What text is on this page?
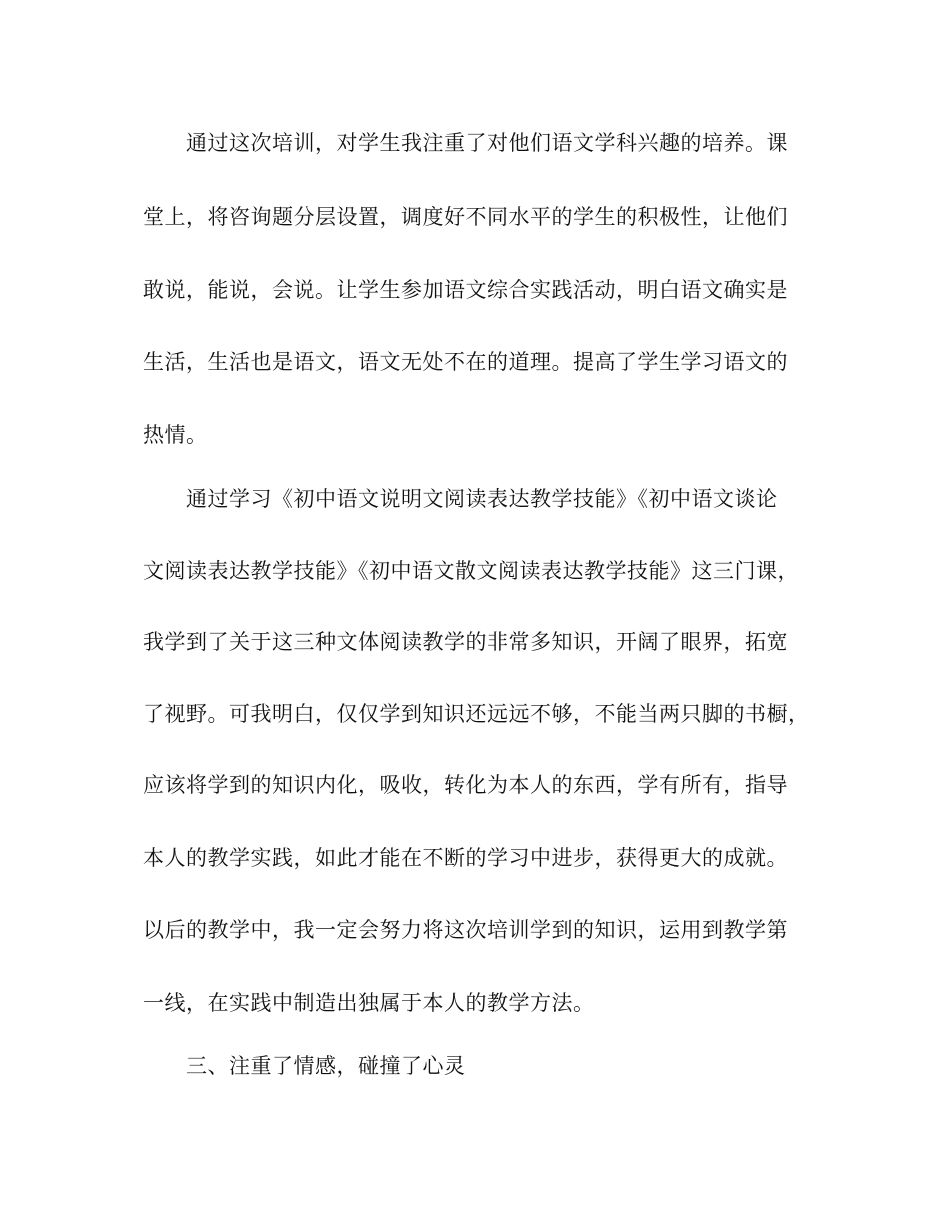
通过这次培训，对学生我注重了对他们语文学科兴趣的培养。课
堂上，将咨询题分层设置，调度好不同水平的学生的积极性，让他们
敢说，能说，会说。让学生参加语文综合实践活动，明白语文确实是
生活，生活也是语文，语文无处不在的道理。提高了学生学习语文的
热情。
通过学习《初中语文说明文阅读表达教学技能》《初中语文谈论
文阅读表达教学技能》《初中语文散文阅读表达教学技能》这三门课，
我学到了关于这三种文体阅读教学的非常多知识，开阔了眼界，拓宽
了视野。可我明白，仅仅学到知识还远远不够，不能当两只脚的书橱，
应该将学到的知识内化，吸收，转化为本人的东西，学有所有，指导
本人的教学实践，如此才能在不断的学习中进步，获得更大的成就。
以后的教学中，我一定会努力将这次培训学到的知识，运用到教学第
一线，在实践中制造出独属于本人的教学方法。
三、注重了情感，碰撞了心灵
